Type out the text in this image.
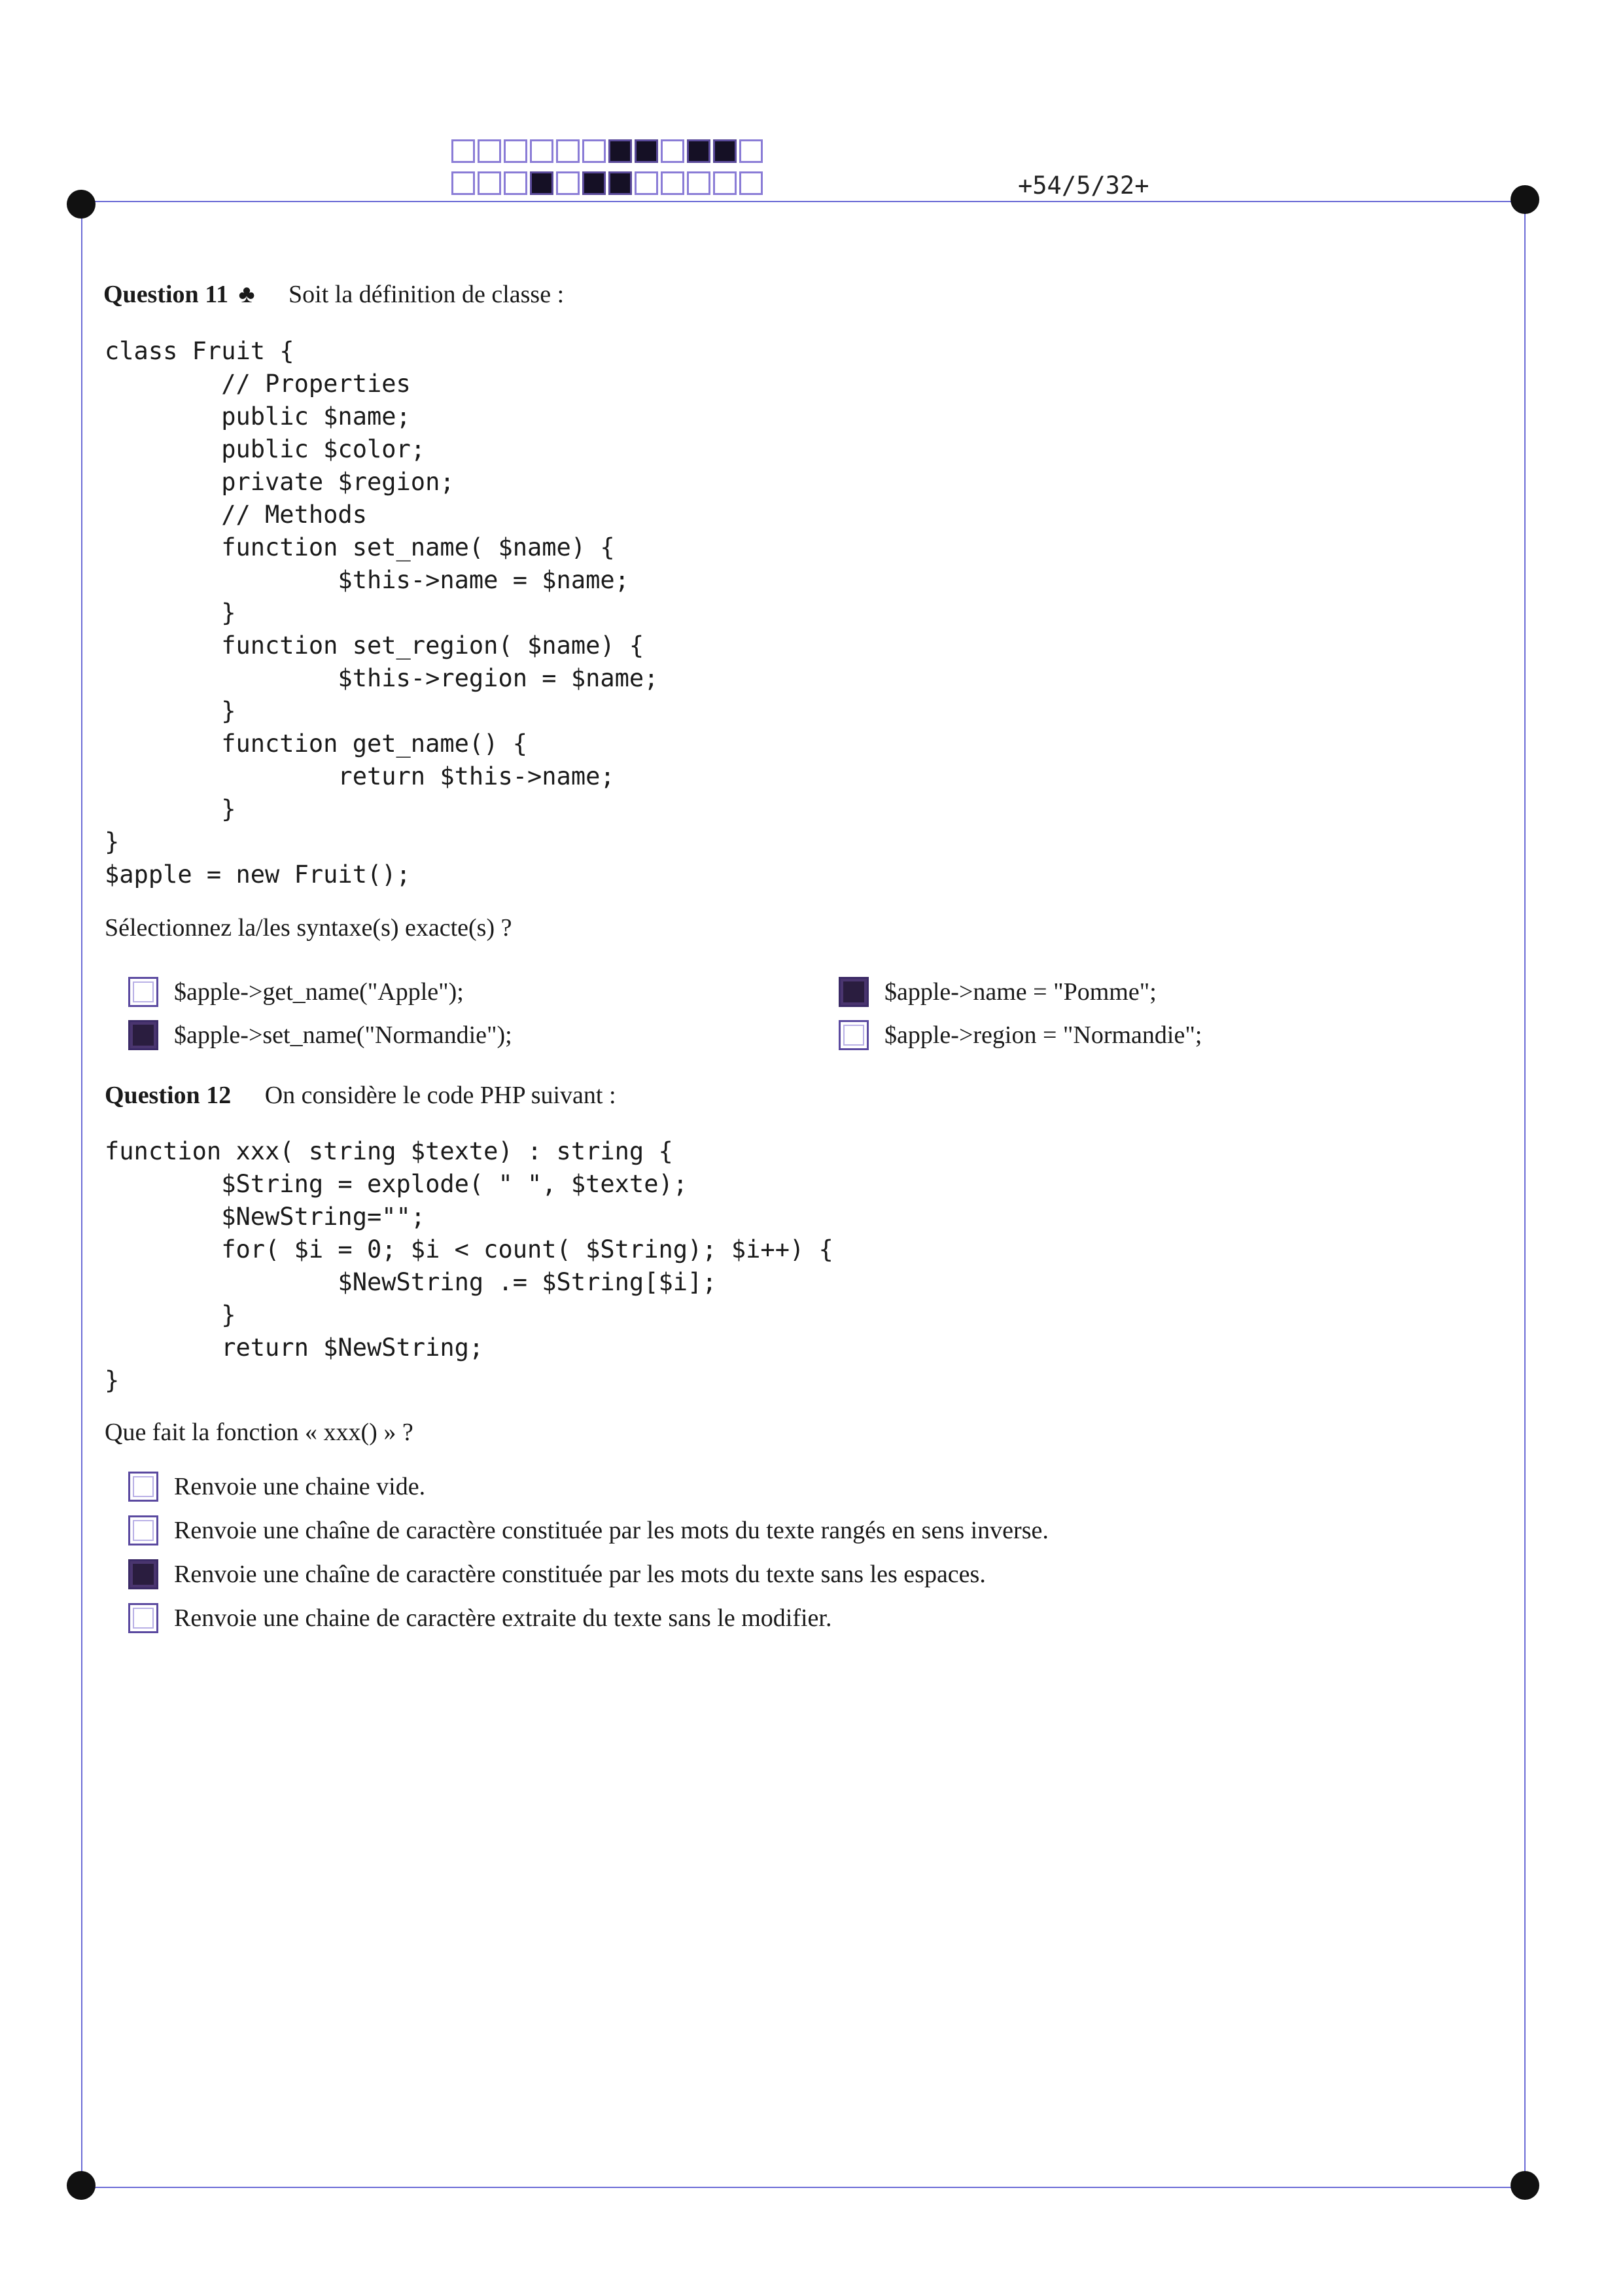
+54/5/32+
Question 11 ♣ Soit la définition de classe :
class Fruit {
// Properties
public $name;
public $color;
private $region;
// Methods
function set_name( $name) {
$this->name = $name;
}
function set_region( $name) {
$this->region = $name;
}
function get_name() {
return $this->name;
}
}
$apple = new Fruit();
Sélectionnez la/les syntaxe(s) exacte(s) ?
$apple->get_name("Apple");
$apple->set_name("Normandie");
$apple->name = "Pomme";
$apple->region = "Normandie";
Question 12 On considère le code PHP suivant :
function xxx( string $texte) : string {
$String = explode( " ", $texte);
$NewString="";
for( $i = 0; $i < count( $String); $i++) {
$NewString .= $String[$i];
}
return $NewString;
}
Que fait la fonction « xxx() » ?
Renvoie une chaine vide.
Renvoie une chaîne de caractère constituée par les mots du texte rangés en sens inverse.
Renvoie une chaîne de caractère constituée par les mots du texte sans les espaces.
Renvoie une chaine de caractère extraite du texte sans le modifier.
